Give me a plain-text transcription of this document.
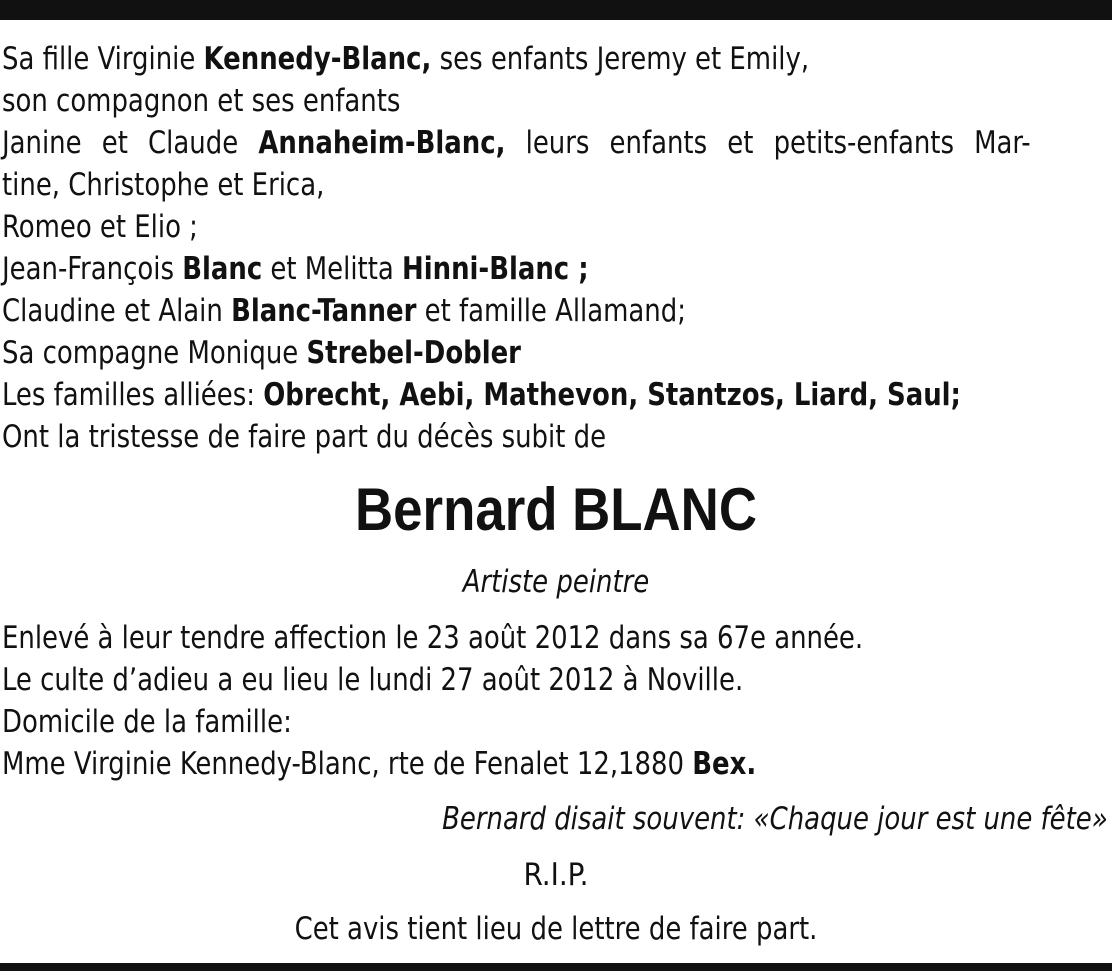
Sa fille Virginie Kennedy-Blanc, ses enfants Jeremy et Emily,
son compagnon et ses enfants
Janine et Claude Annaheim-Blanc, leurs enfants et petits-enfants Mar-
tine, Christophe et Erica,
Romeo et Elio ;
Jean-François Blanc et Melitta Hinni-Blanc ;
Claudine et Alain Blanc-Tanner et famille Allamand;
Sa compagne Monique Strebel-Dobler
Les familles alliées: Obrecht, Aebi, Mathevon, Stantzos, Liard, Saul;
Ont la tristesse de faire part du décès subit de
Bernard BLANC
Artiste peintre
Enlevé à leur tendre affection le 23 août 2012 dans sa 67e année.
Le culte d’adieu a eu lieu le lundi 27 août 2012 à Noville.
Domicile de la famille:
Mme Virginie Kennedy-Blanc, rte de Fenalet 12,1880 Bex.
Bernard disait souvent: «Chaque jour est une fête»
R.I.P.
Cet avis tient lieu de lettre de faire part.
